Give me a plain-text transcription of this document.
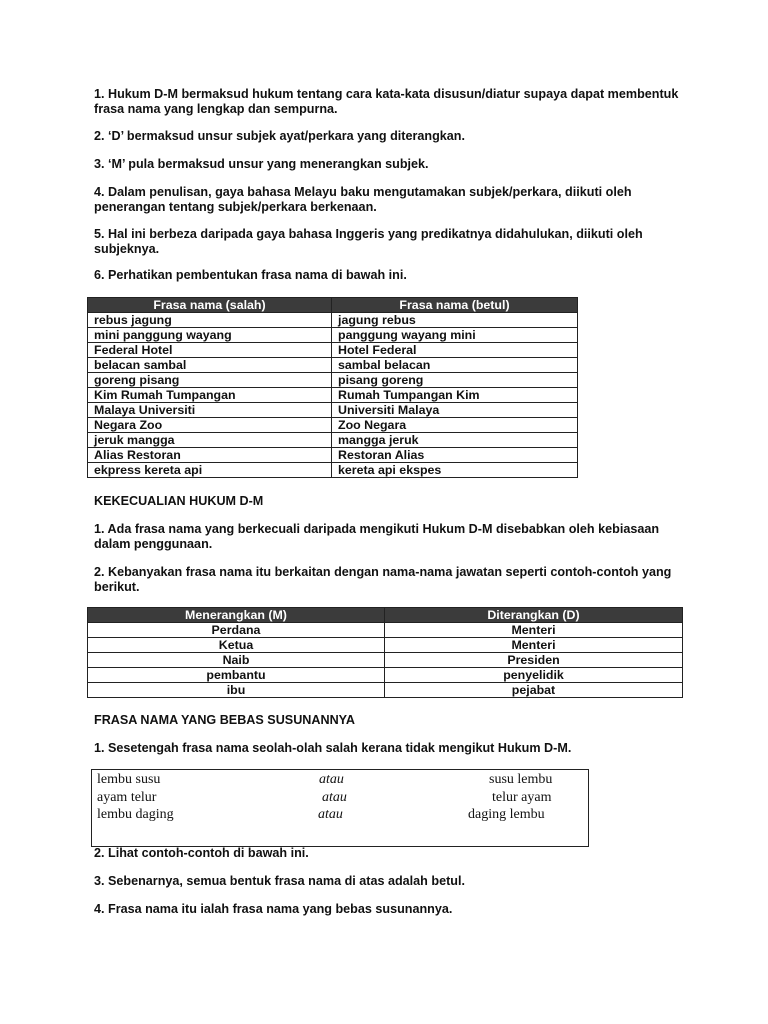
1. Hukum D-M bermaksud hukum tentang cara kata-kata disusun/diatur supaya dapat membentuk frasa nama yang lengkap dan sempurna.

2. ‘D’ bermaksud unsur subjek ayat/perkara yang diterangkan.

3. ‘M’ pula bermaksud unsur yang menerangkan subjek.

4. Dalam penulisan, gaya bahasa Melayu baku mengutamakan subjek/perkara, diikuti oleh penerangan tentang subjek/perkara berkenaan.

5. Hal ini berbeza daripada gaya bahasa Inggeris yang predikatnya didahulukan, diikuti oleh subjeknya.

6. Perhatikan pembentukan frasa nama di bawah ini.

Frasa nama (salah)	Frasa nama (betul)
rebus jagung	jagung rebus
mini panggung wayang	panggung wayang mini
Federal Hotel	Hotel Federal
belacan sambal	sambal belacan
goreng pisang	pisang goreng
Kim Rumah Tumpangan	Rumah Tumpangan Kim
Malaya Universiti	Universiti Malaya
Negara Zoo	Zoo Negara
jeruk mangga	mangga jeruk
Alias Restoran	Restoran Alias
ekpress kereta api	kereta api ekspes

KEKECUALIAN HUKUM D-M

1. Ada frasa nama yang berkecuali daripada mengikuti Hukum D-M disebabkan oleh kebiasaan dalam penggunaan.

2. Kebanyakan frasa nama itu berkaitan dengan nama-nama jawatan seperti contoh-contoh yang berikut.

Menerangkan (M)	Diterangkan (D)
Perdana	Menteri
Ketua	Menteri
Naib	Presiden
pembantu	penyelidik
ibu	pejabat

FRASA NAMA YANG BEBAS SUSUNANNYA

1. Sesetengah frasa nama seolah-olah salah kerana tidak mengikut Hukum D-M.

lembu susu	atau	susu lembu
ayam telur	atau	telur ayam
lembu daging	atau	daging lembu

2. Lihat contoh-contoh di bawah ini.

3. Sebenarnya, semua bentuk frasa nama di atas adalah betul.

4. Frasa nama itu ialah frasa nama yang bebas susunannya.
